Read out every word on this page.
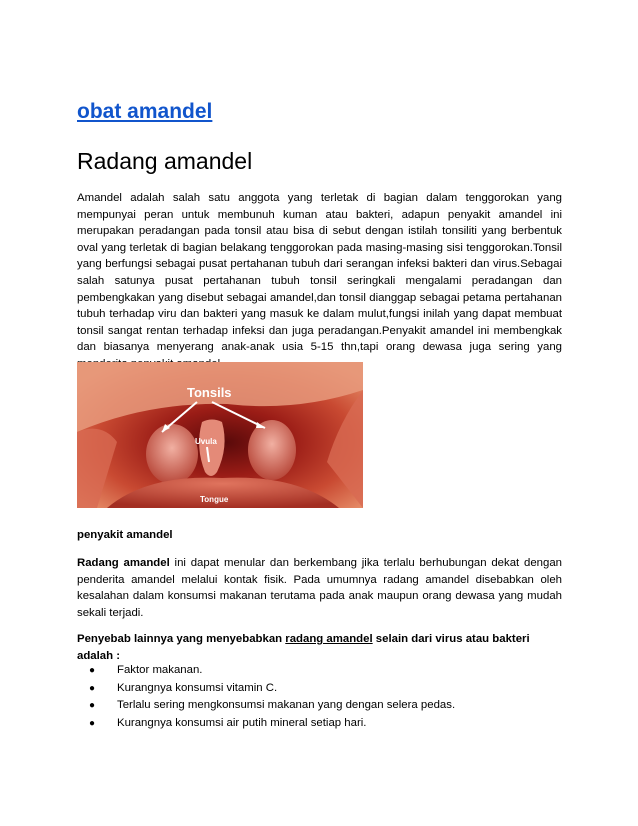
obat amandel
Radang amandel

Amandel adalah salah satu anggota yang terletak di bagian dalam tenggorokan yang mempunyai peran untuk membunuh kuman atau bakteri, adapun penyakit amandel ini merupakan peradangan pada tonsil atau bisa di sebut dengan istilah tonsiliti yang berbentuk oval yang terletak di bagian belakang tenggorokan pada masing-masing sisi tenggorokan.Tonsil yang berfungsi sebagai pusat pertahanan tubuh dari serangan infeksi bakteri dan virus.Sebagai salah satunya pusat pertahanan tubuh tonsil seringkali mengalami peradangan dan pembengkakan yang disebut sebagai amandel,dan tonsil dianggap sebagai petama pertahanan tubuh terhadap viru dan bakteri yang masuk ke dalam mulut,fungsi inilah yang dapat membuat tonsil sangat rentan terhadap infeksi dan juga peradangan.Penyakit amandel ini membengkak dan biasanya menyerang anak-anak usia 5-15 thn,tapi orang dewasa juga sering yang

Tonsils
Uvula
Tongue
penyakit amandel

Radang amandel ini dapat menular dan berkembang jika terlalu berhubungan dekat dengan penderita amandel melalui kontak fisik. Pada umumnya radang amandel disebabkan oleh kesalahan dalam konsumsi makanan terutama pada anak maupun orang dewasa yang mudah sekali terjadi.

Penyebab lainnya yang menyebabkan radang amandel selain dari virus atau bakteri adalah :

● Faktor makanan.
● Kurangnya konsumsi vitamin C.
● Terlalu sering mengkonsumsi makanan yang dengan selera pedas.
● Kurangnya konsumsi air putih mineral setiap hari.
